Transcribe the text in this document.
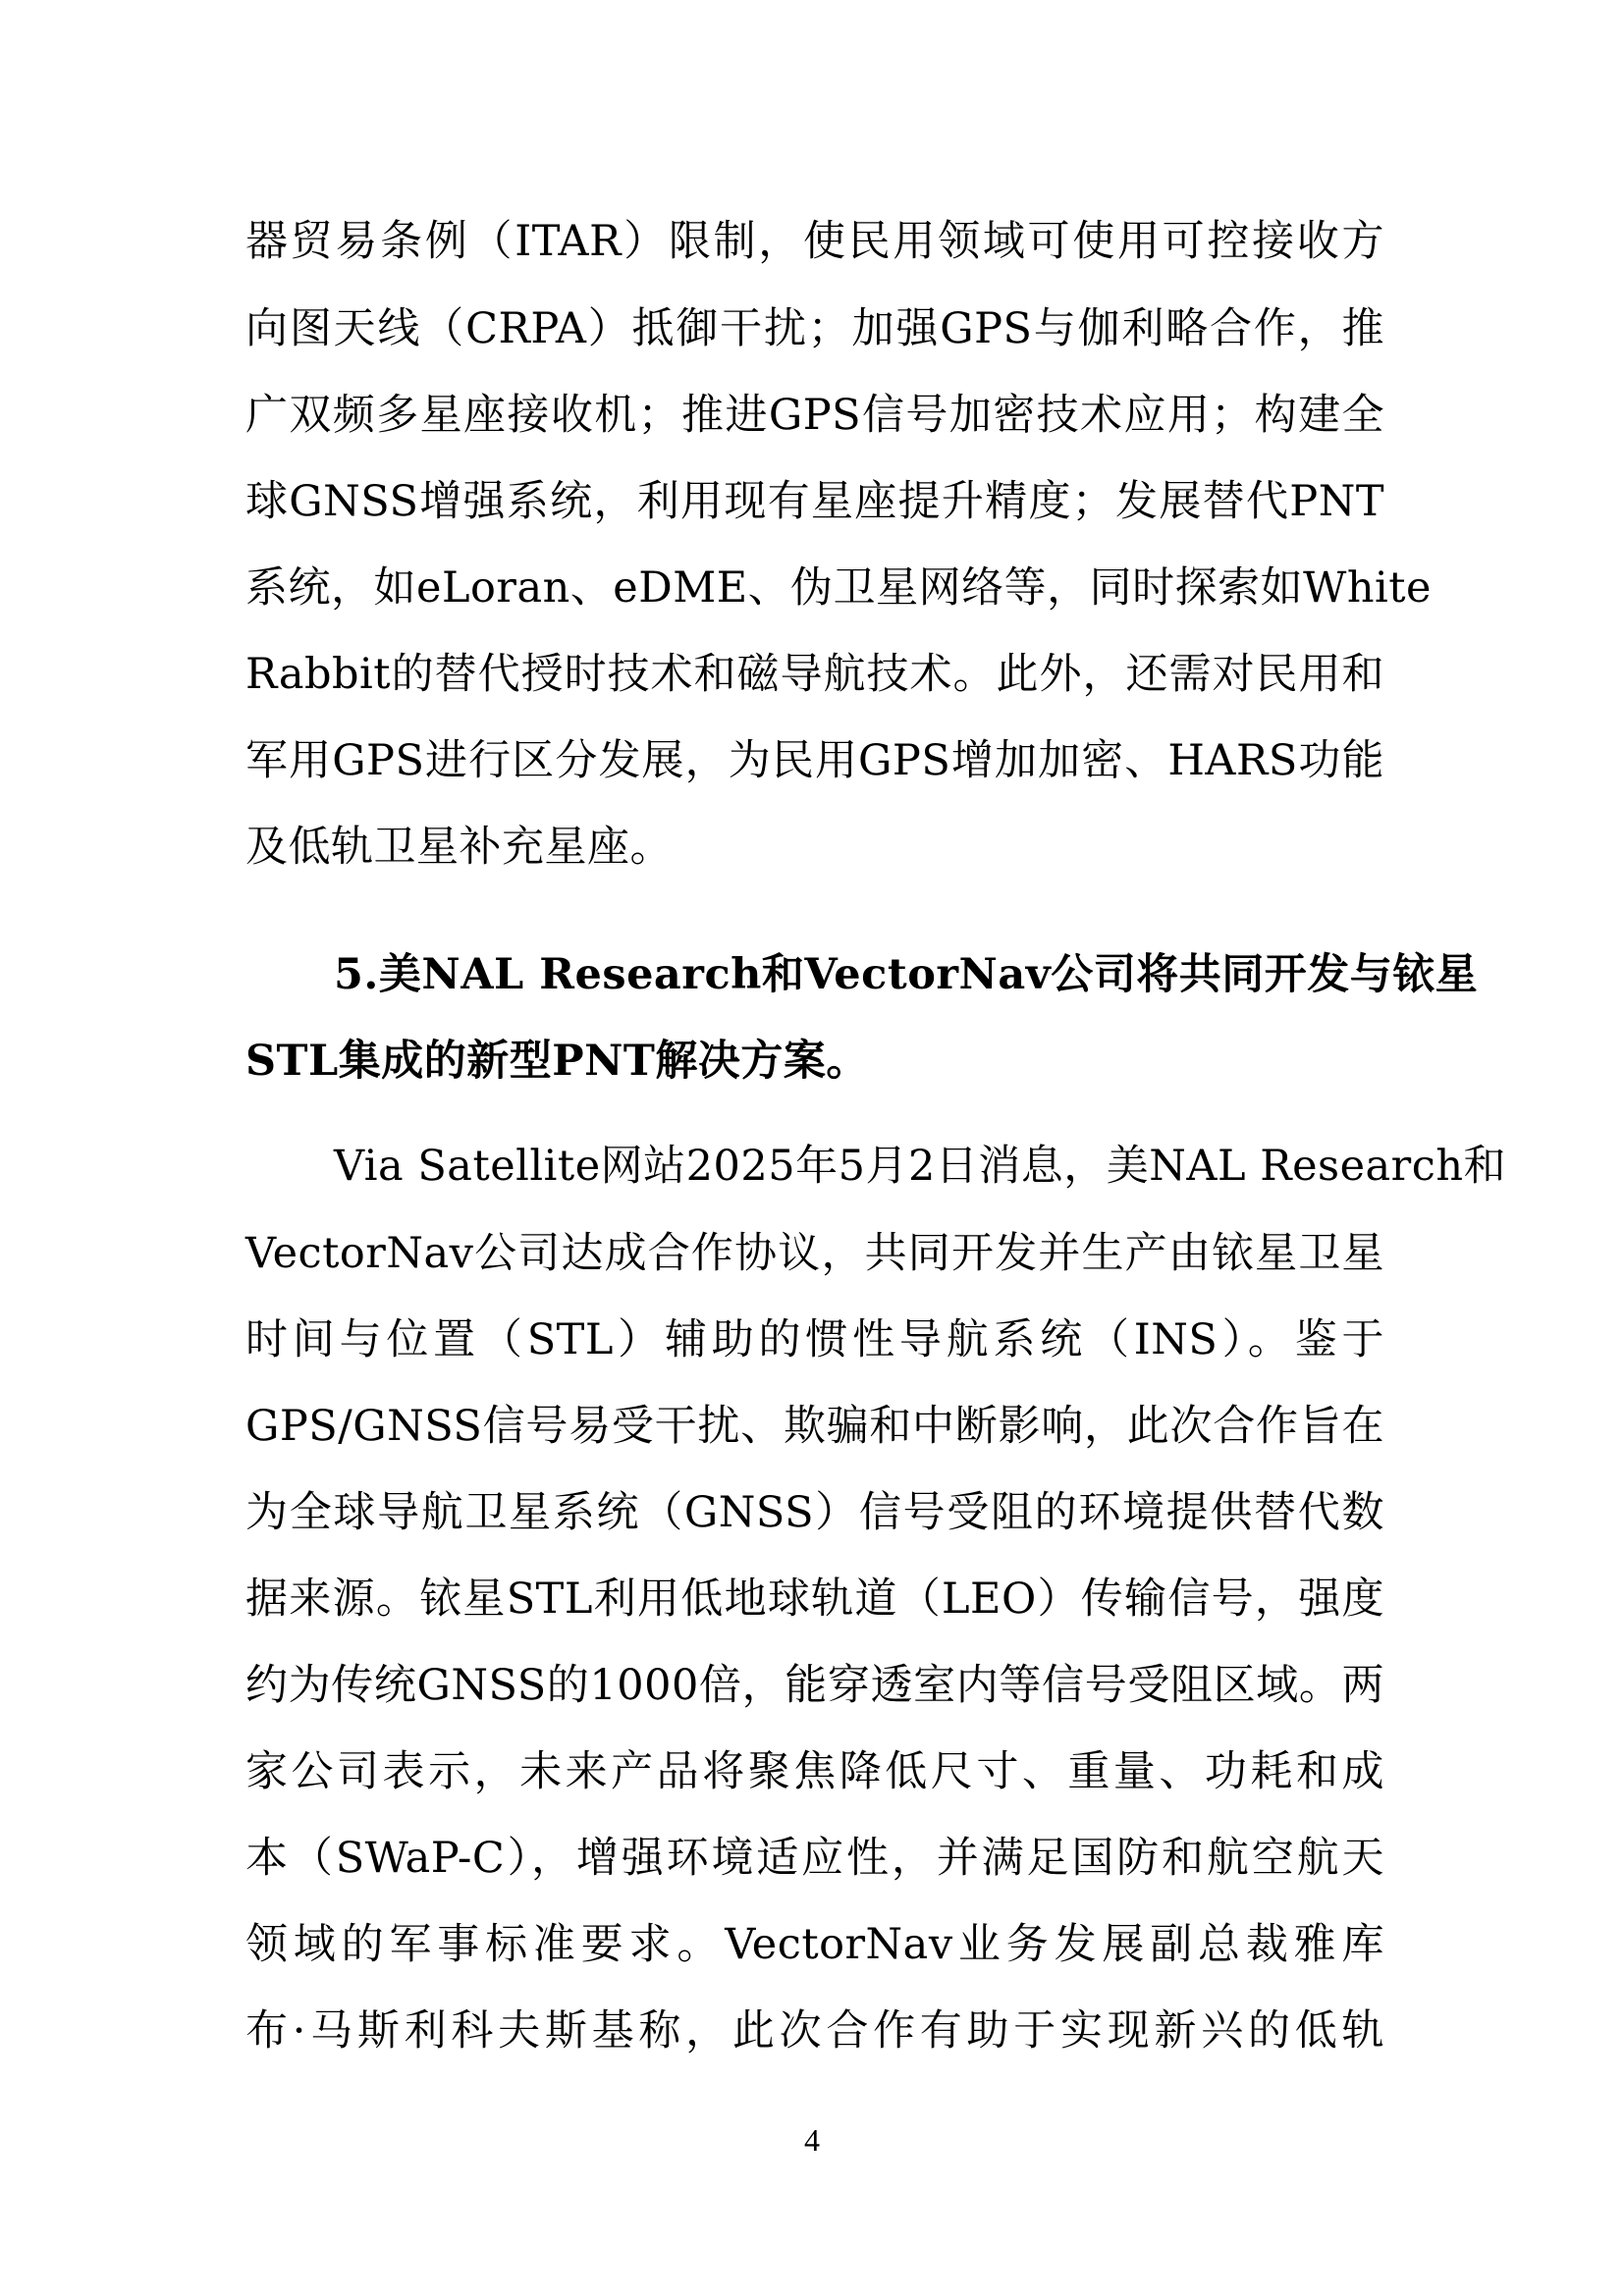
器贸易条例（ITAR）限制，使民用领域可使用可控接收方
向图天线（CRPA）抵御干扰；加强GPS与伽利略合作，推
广双频多星座接收机；推进GPS信号加密技术应用；构建全
球GNSS增强系统，利用现有星座提升精度；发展替代PNT
系统，如eLoran、eDME、伪卫星网络等，同时探索如White
Rabbit的替代授时技术和磁导航技术。此外，还需对民用和
军用GPS进行区分发展，为民用GPS增加加密、HARS功能
及低轨卫星补充星座。
5.美NAL Research和VectorNav公司将共同开发与铱星
STL集成的新型PNT解决方案。
Via Satellite网站2025年5月2日消息，美NAL Research和
VectorNav公司达成合作协议，共同开发并生产由铱星卫星
时间与位置（STL）辅助的惯性导航系统（INS）。鉴于
GPS/GNSS信号易受干扰、欺骗和中断影响，此次合作旨在
为全球导航卫星系统（GNSS）信号受阻的环境提供替代数
据来源。铱星STL利用低地球轨道（LEO）传输信号，强度
约为传统GNSS的1000倍，能穿透室内等信号受阻区域。两
家公司表示，未来产品将聚焦降低尺寸、重量、功耗和成
本（SWaP-C），增强环境适应性，并满足国防和航空航天
领域的军事标准要求。VectorNav业务发展副总裁雅库
布·马斯利科夫斯基称，此次合作有助于实现新兴的低轨
4
